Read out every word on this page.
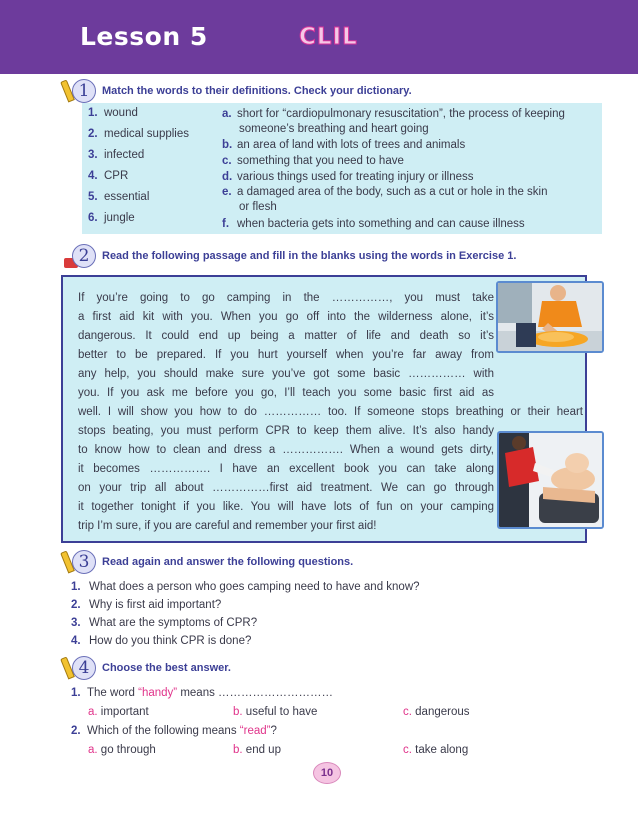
Lesson 5	CLIL
1	Match the words to their definitions. Check your dictionary.
1. wound
2. medical supplies
3. infected
4. CPR
5. essential
6. jungle
a. short for “cardiopulmonary resuscitation”, the process of keeping
someone’s breathing and heart going
b. an area of land with lots of trees and animals
c. something that you need to have
d. various things used for treating injury or illness
e. a damaged area of the body, such as a cut or hole in the skin
or flesh
f. when bacteria gets into something and can cause illness
2	Read the following passage and fill in the blanks using the words in Exercise 1.
If you’re going to go camping in the ……………, you must take
a first aid kit with you. When you go off into the wilderness alone, it’s
dangerous. It could end up being a matter of life and death so it’s
better to be prepared. If you hurt yourself when you’re far away from
any help, you should make sure you’ve got some basic …………… with
you. If you ask me before you go, I’ll teach you some basic first aid as
well. I will show you how to do …………… too. If someone stops breathing or their heart
stops beating, you must perform CPR to keep them alive. It’s also handy
to know how to clean and dress a ……………. When a wound gets dirty,
it becomes ……………. I have an excellent book you can take along
on your trip all about ……………first aid treatment. We can go through
it together tonight if you like. You will have lots of fun on your camping
trip I’m sure, if you are careful and remember your first aid!
3	Read again and answer the following questions.
1. What does a person who goes camping need to have and know?
2. Why is first aid important?
3. What are the symptoms of CPR?
4. How do you think CPR is done?
4	Choose the best answer.
1. The word “handy” means …………………………
a. important	b. useful to have	c. dangerous
2. Which of the following means “read”?
a. go through	b. end up	c. take along
10
